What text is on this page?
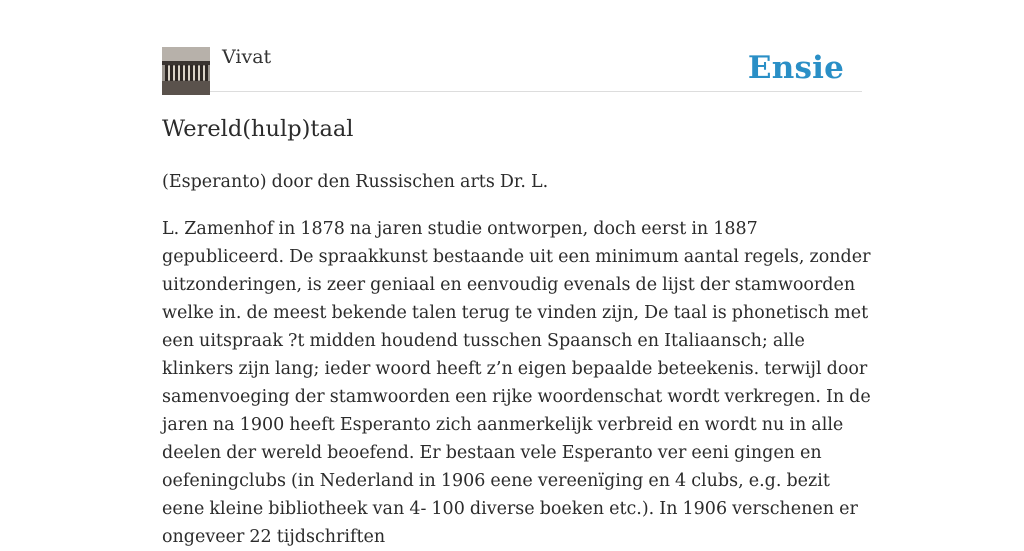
Vivat	Ensie
Wereld(hulp)taal

(Esperanto) door den Russischen arts Dr. L.

L. Zamenhof in 1878 na jaren studie ontworpen, doch eerst in 1887 gepubliceerd. De spraakkunst bestaande uit een minimum aantal regels, zonder uitzonderingen, is zeer geniaal en eenvoudig evenals de lijst der stamwoorden welke in. de meest bekende talen terug te vinden zijn, De taal is phonetisch met een uitspraak ?t midden houdend tusschen Spaansch en Italiaansch; alle klinkers zijn lang; ieder woord heeft z’n eigen bepaalde beteekenis. terwijl door samenvoeging der stamwoorden een rijke woordenschat wordt verkregen. In de jaren na 1900 heeft Esperanto zich aanmerkelijk verbreid en wordt nu in alle deelen der wereld beoefend. Er bestaan vele Esperanto ver eeni gingen en oefeningclubs (in Nederland in 1906 eene vereenïging en 4 clubs, e.g. bezit eene kleine bibliotheek van 4- 100 diverse boeken etc.). In 1906 verschenen er ongeveer 22 tijdschriften
